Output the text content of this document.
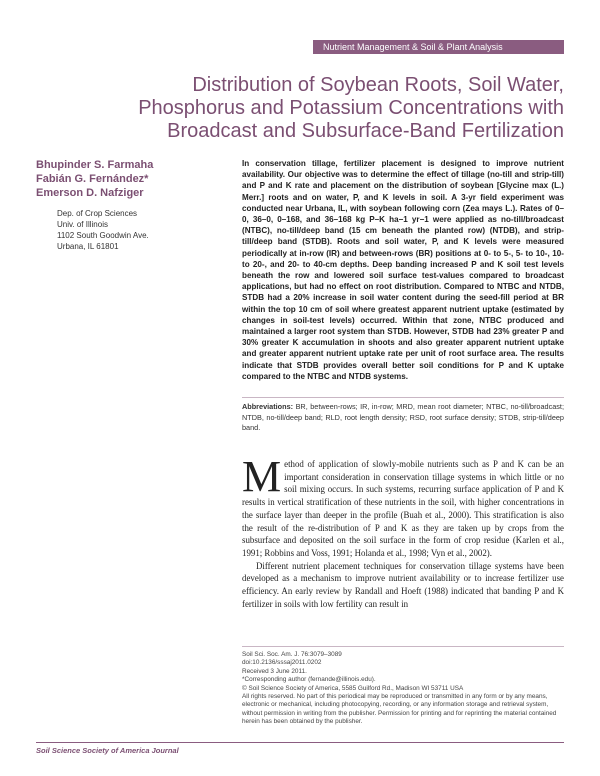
Nutrient Management & Soil & Plant Analysis
Distribution of Soybean Roots, Soil Water, Phosphorus and Potassium Concentrations with Broadcast and Subsurface-Band Fertilization
Bhupinder S. Farmaha
Fabián G. Fernández*
Emerson D. Nafziger
Dep. of Crop Sciences
Univ. of Illinois
1102 South Goodwin Ave.
Urbana, IL 61801

In conservation tillage, fertilizer placement is designed to improve nutrient availability. Our objective was to determine the effect of tillage (no-till and strip-till) and P and K rate and placement on the distribution of soybean [Glycine max (L.) Merr.] roots and on water, P, and K levels in soil. A 3-yr field experiment was conducted near Urbana, IL, with soybean following corn (Zea mays L.). Rates of 0–0, 36–0, 0–168, and 36–168 kg P–K ha−1 yr−1 were applied as no-till/broadcast (NTBC), no-till/deep band (15 cm beneath the planted row) (NTDB), and strip-till/deep band (STDB). Roots and soil water, P, and K levels were measured periodically at in-row (IR) and between-rows (BR) positions at 0- to 5-, 5- to 10-, 10- to 20-, and 20- to 40-cm depths. Deep banding increased P and K soil test levels beneath the row and lowered soil surface test-values compared to broadcast applications, but had no effect on root distribution. Compared to NTBC and NTDB, STDB had a 20% increase in soil water content during the seed-fill period at BR within the top 10 cm of soil where greatest apparent nutrient uptake (estimated by changes in soil-test levels) occurred. Within that zone, NTBC produced and maintained a larger root system than STDB. However, STDB had 23% greater P and 30% greater K accumulation in shoots and also greater apparent nutrient uptake and greater apparent nutrient uptake rate per unit of root surface area. The results indicate that STDB provides overall better soil conditions for P and K uptake compared to the NTBC and NTDB systems.

Abbreviations: BR, between-rows; IR, in-row; MRD, mean root diameter; NTBC, no-till/broadcast; NTDB, no-till/deep band; RLD, root length density; RSD, root surface density; STDB, strip-till/deep band.

Method of application of slowly-mobile nutrients such as P and K can be an important consideration in conservation tillage systems in which little or no soil mixing occurs. In such systems, recurring surface application of P and K results in vertical stratification of these nutrients in the soil, with higher concentrations in the surface layer than deeper in the profile (Buah et al., 2000). This stratification is also the result of the re-distribution of P and K as they are taken up by crops from the subsurface and deposited on the soil surface in the form of crop residue (Karlen et al., 1991; Robbins and Voss, 1991; Holanda et al., 1998; Vyn et al., 2002).

Different nutrient placement techniques for conservation tillage systems have been developed as a mechanism to improve nutrient availability or to increase fertilizer use efficiency. An early review by Randall and Hoeft (1988) indicated that banding P and K fertilizer in soils with low fertility can result in

Soil Sci. Soc. Am. J. 76:3079–3089
doi:10.2136/sssaj2011.0202
Received 3 June 2011.
*Corresponding author (fernande@illinois.edu).
© Soil Science Society of America, 5585 Guilford Rd., Madison WI 53711 USA
All rights reserved. No part of this periodical may be reproduced or transmitted in any form or by any means, electronic or mechanical, including photocopying, recording, or any information storage and retrieval system, without permission in writing from the publisher. Permission for printing and for reprinting the material contained herein has been obtained by the publisher.
Soil Science Society of America Journal
